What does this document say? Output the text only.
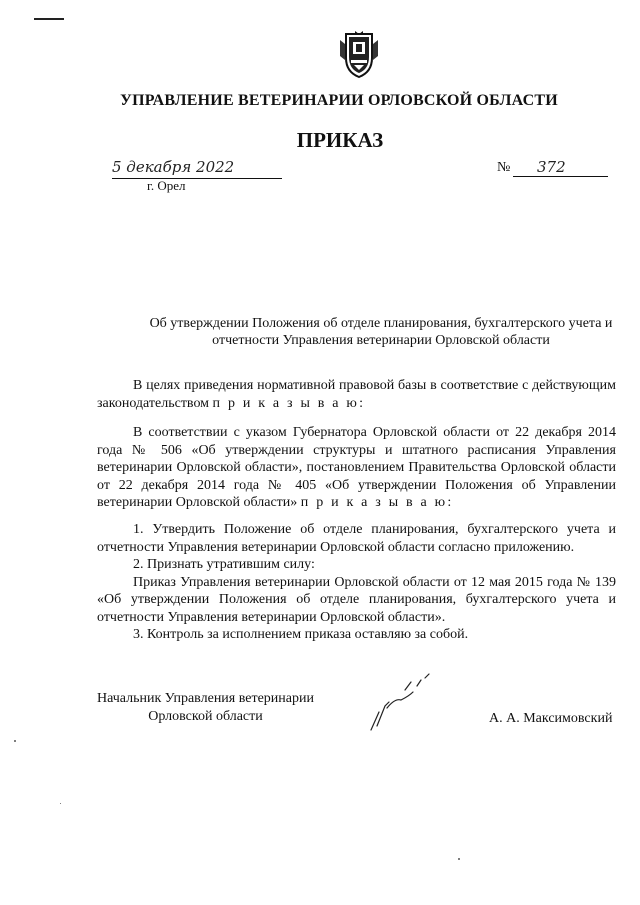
УПРАВЛЕНИЕ ВЕТЕРИНАРИИ ОРЛОВСКОЙ ОБЛАСТИ
ПРИКАЗ
5 декабря 2022
г. Орел
№ 372
Об утверждении Положения об отделе планирования, бухгалтерского учета и
отчетности Управления ветеринарии Орловской области

В целях приведения нормативной правовой базы в соответствие с действующим законодательством п р и к а з ы в а ю:

В соответствии с указом Губернатора Орловской области от 22 декабря 2014 года № 506 «Об утверждении структуры и штатного расписания Управления ветеринарии Орловской области», постановлением Правительства Орловской области от 22 декабря 2014 года № 405 «Об утверждении Положения об Управлении ветеринарии Орловской области» п р и к а з ы в а ю:

1. Утвердить Положение об отделе планирования, бухгалтерского учета и отчетности Управления ветеринарии Орловской области согласно приложению.

2. Признать утратившим силу:

Приказ Управления ветеринарии Орловской области от 12 мая 2015 года № 139 «Об утверждении Положения об отделе планирования, бухгалтерского учета и отчетности Управления ветеринарии Орловской области».

3. Контроль за исполнением приказа оставляю за собой.

Начальник Управления ветеринарии
Орловской области	А. А. Максимовский
